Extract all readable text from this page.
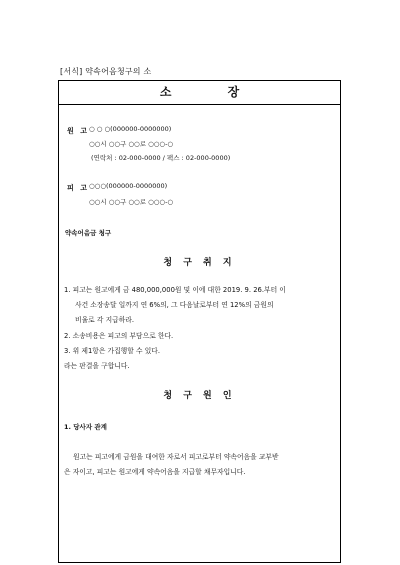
[서식] 약속어음청구의 소
소 장
원 고 ○ ○ ○(000000-0000000)
○○시 ○○구 ○○로 ○○○-○
(연락처 : 02-000-0000 / 팩스 : 02-000-0000)
피 고 ○○○(000000-0000000)
○○시 ○○구 ○○로 ○○○-○
약속어음금 청구
청 구 취 지
1. 피고는 원고에게 금 480,000,000원 및 이에 대한 2019. 9. 26.부터 이
사건 소장송달 일까지 연 6%의, 그 다음날로부터 연 12%의 금원의
비율로 각 지급하라.
2. 소송비용은 피고의 부담으로 한다.
3. 위 제1항은 가집행할 수 있다.
라는 판결을 구합니다.
청 구 원 인
1. 당사자 관계
원고는 피고에게 금원을 대여한 자로서 피고로부터 약속어음을 교부받
은 자이고, 피고는 원고에게 약속어음을 지급할 채무자입니다.
